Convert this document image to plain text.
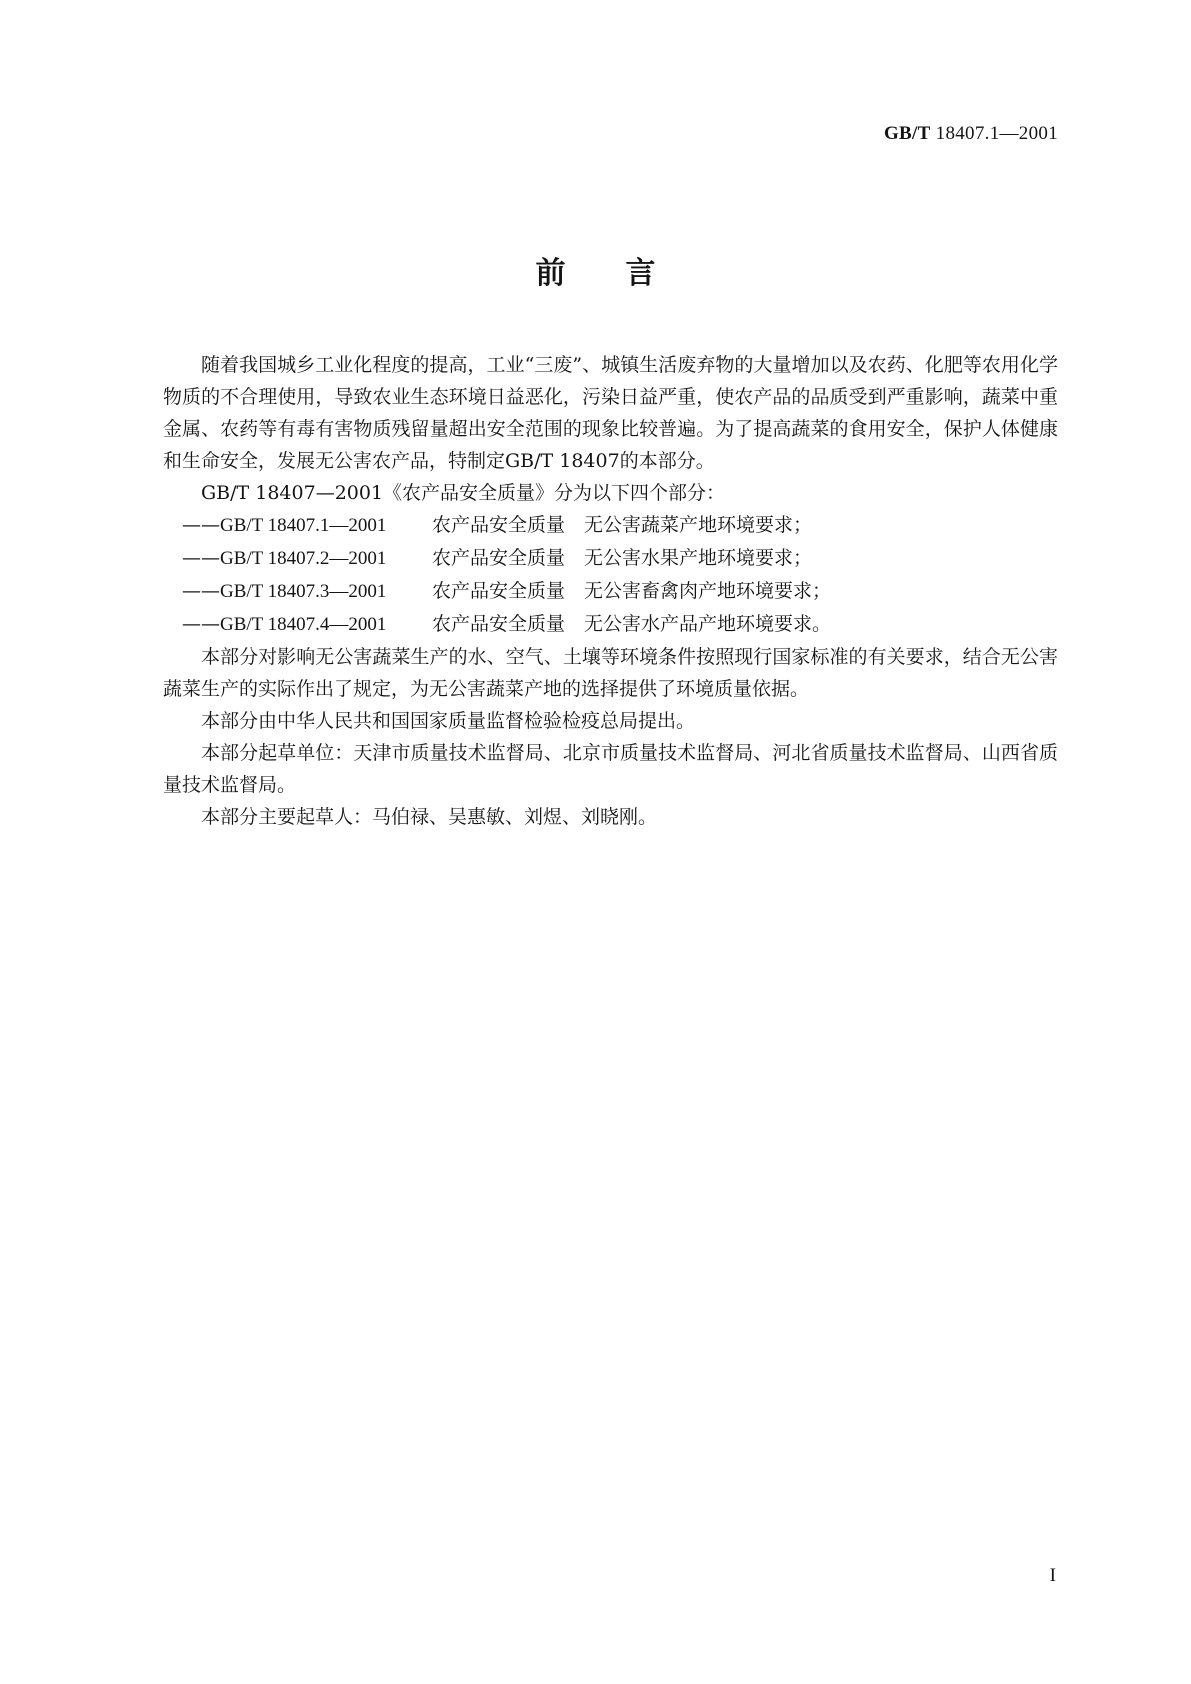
GB/T 18407.1—2001
前言

随着我国城乡工业化程度的提高，工业“三废”、城镇生活废弃物的大量增加以及农药、化肥等农用化学物质的不合理使用，导致农业生态环境日益恶化，污染日益严重，使农产品的品质受到严重影响，蔬菜中重金属、农药等有毒有害物质残留量超出安全范围的现象比较普遍。为了提高蔬菜的食用安全，保护人体健康和生命安全，发展无公害农产品，特制定GB/T 18407的本部分。

GB/T 18407—2001《农产品安全质量》分为以下四个部分：

——GB/T 18407.1—2001 农产品安全质量 无公害蔬菜产地环境要求；
——GB/T 18407.2—2001 农产品安全质量 无公害水果产地环境要求；
——GB/T 18407.3—2001 农产品安全质量 无公害畜禽肉产地环境要求；
——GB/T 18407.4—2001 农产品安全质量 无公害水产品产地环境要求。

本部分对影响无公害蔬菜生产的水、空气、土壤等环境条件按照现行国家标准的有关要求，结合无公害蔬菜生产的实际作出了规定，为无公害蔬菜产地的选择提供了环境质量依据。

本部分由中华人民共和国国家质量监督检验检疫总局提出。

本部分起草单位：天津市质量技术监督局、北京市质量技术监督局、河北省质量技术监督局、山西省质量技术监督局。

本部分主要起草人：马伯禄、吴惠敏、刘煜、刘晓刚。

I
